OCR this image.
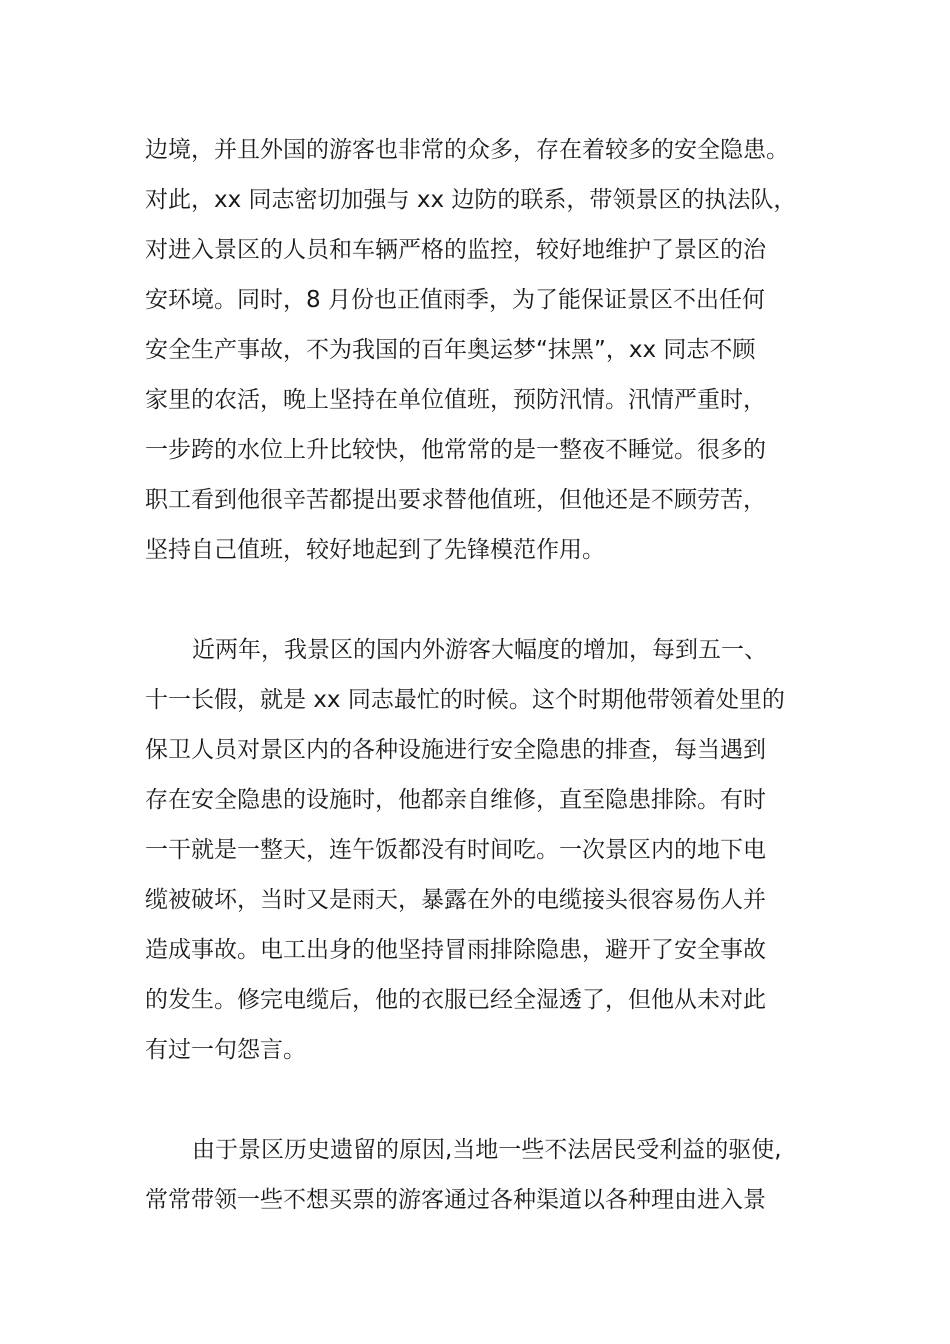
边境，并且外国的游客也非常的众多，存在着较多的安全隐患。
对此，xx 同志密切加强与 xx 边防的联系，带领景区的执法队，
对进入景区的人员和车辆严格的监控，较好地维护了景区的治
安环境。同时，8 月份也正值雨季，为了能保证景区不出任何
安全生产事故，不为我国的百年奥运梦“抹黑”，xx 同志不顾
家里的农活，晚上坚持在单位值班，预防汛情。汛情严重时，
一步跨的水位上升比较快，他常常的是一整夜不睡觉。很多的
职工看到他很辛苦都提出要求替他值班，但他还是不顾劳苦，
坚持自己值班，较好地起到了先锋模范作用。
近两年，我景区的国内外游客大幅度的增加，每到五一、
十一长假，就是 xx 同志最忙的时候。这个时期他带领着处里的
保卫人员对景区内的各种设施进行安全隐患的排查，每当遇到
存在安全隐患的设施时，他都亲自维修，直至隐患排除。有时
一干就是一整天，连午饭都没有时间吃。一次景区内的地下电
缆被破坏，当时又是雨天，暴露在外的电缆接头很容易伤人并
造成事故。电工出身的他坚持冒雨排除隐患，避开了安全事故
的发生。修完电缆后，他的衣服已经全湿透了，但他从未对此
有过一句怨言。
由于景区历史遗留的原因,当地一些不法居民受利益的驱使,
常常带领一些不想买票的游客通过各种渠道以各种理由进入景
